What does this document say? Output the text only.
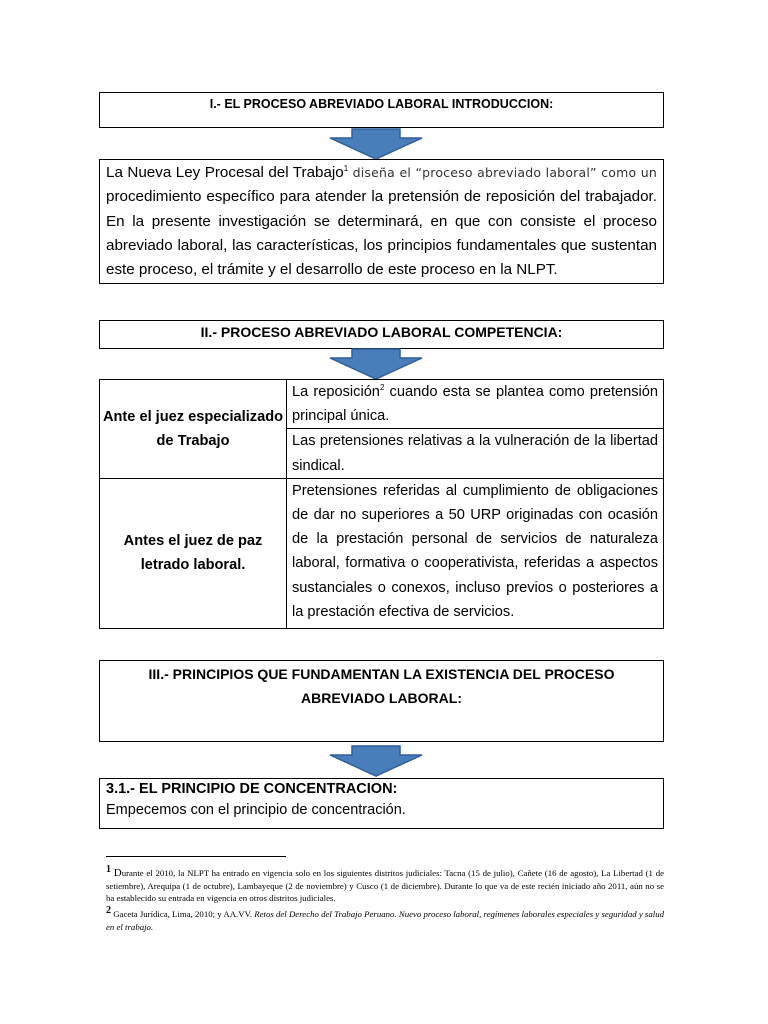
I.- EL PROCESO ABREVIADO LABORAL INTRODUCCION:

La Nueva Ley Procesal del Trabajo$^1$ diseña el “proceso abreviado laboral” como un procedimiento específico para atender la pretensión de reposición del trabajador. En la presente investigación se determinará, en que con consiste el proceso abreviado laboral, las características, los principios fundamentales que sustentan este proceso, el trámite y el desarrollo de este proceso en la NLPT.

II.- PROCESO ABREVIADO LABORAL COMPETENCIA:
Ante el juez especializado de Trabajo	La reposición$^2$ cuando esta se plantea como pretensión principal única.
	Las pretensiones relativas a la vulneración de la libertad sindical.
Antes el juez de paz letrado laboral.	Pretensiones referidas al cumplimiento de obligaciones de dar no superiores a 50 URP originadas con ocasión de la prestación personal de servicios de naturaleza laboral, formativa o cooperativista, referidas a aspectos sustanciales o conexos, incluso previos o posteriores a la prestación efectiva de servicios.
III.- PRINCIPIOS QUE FUNDAMENTAN LA EXISTENCIA DEL PROCESO ABREVIADO LABORAL:
3.1.- EL PRINCIPIO DE CONCENTRACION:
Empecemos con el principio de concentración.
$^1$ Durante el 2010, la NLPT ha entrado en vigencia solo en los siguientes distritos judiciales: Tacna (15 de julio), Cañete (16 de agosto), La Libertad (1 de setiembre), Arequipa (1 de octubre), Lambayeque (2 de noviembre) y Cusco (1 de diciembre). Durante lo que va de este recién iniciado año 2011, aún no se ha establecido su entrada en vigencia en otros distritos judiciales.
$^2$ Gaceta Jurídica, Lima, 2010; y AA.VV. Retos del Derecho del Trabajo Peruano. Nuevo proceso laboral, regímenes laborales especiales y seguridad y salud en el trabajo.
